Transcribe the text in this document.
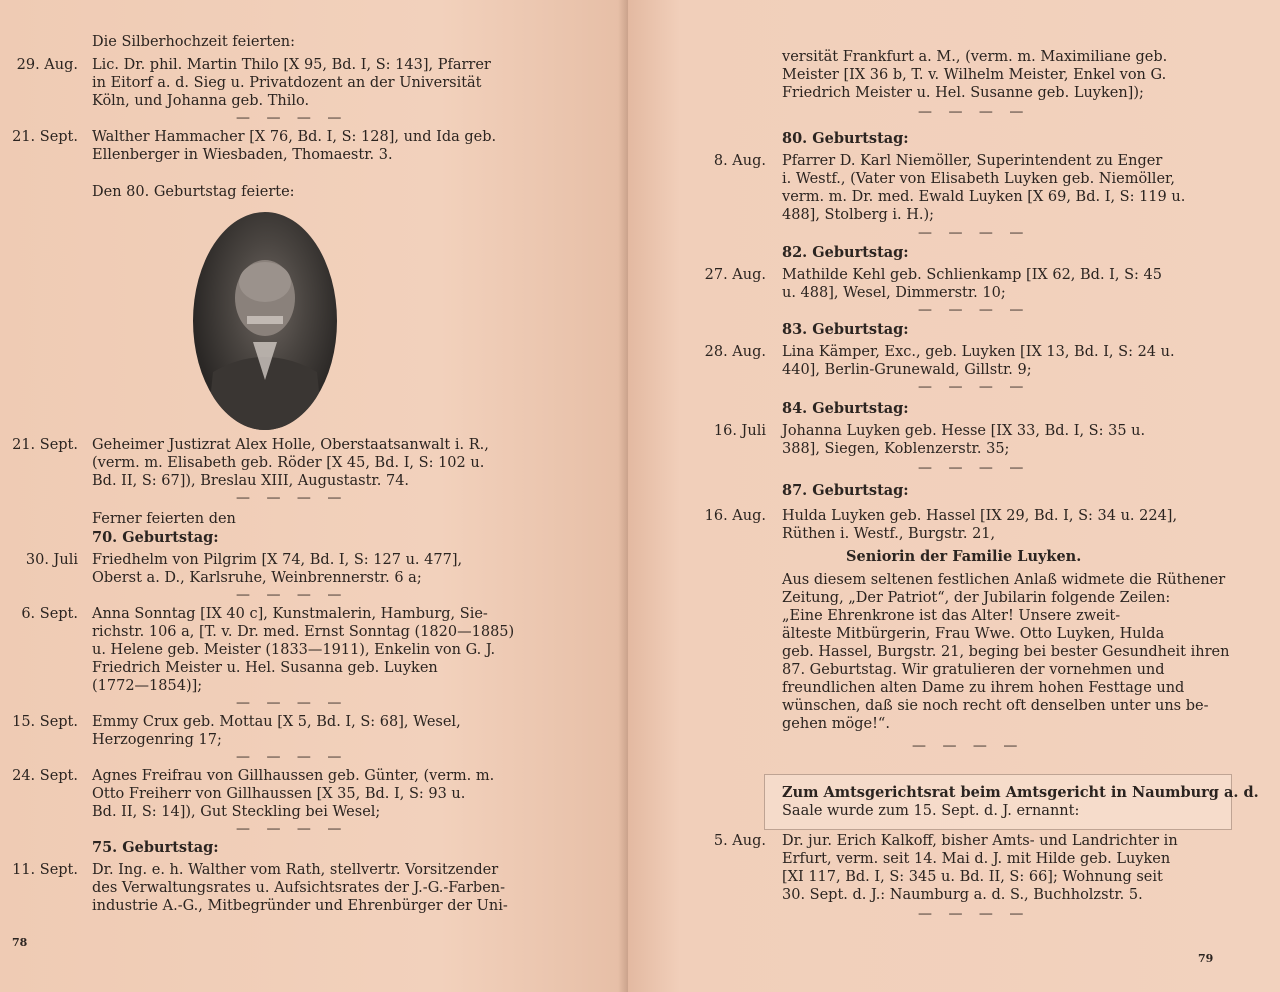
Die Silberhochzeit feierten:
29. Aug. Lic. Dr. phil. Martin Thilo [X 95, Bd. I, S: 143], Pfarrer
in Eitorf a. d. Sieg u. Privatdozent an der Universität
Köln, und Johanna geb. Thilo.
— — — —
21. Sept. Walther Hammacher [X 76, Bd. I, S: 128], und Ida geb.
Ellenberger in Wiesbaden, Thomaestr. 3.
Den 80. Geburtstag feierte:
21. Sept. Geheimer Justizrat Alex Holle, Oberstaatsanwalt i. R.,
(verm. m. Elisabeth geb. Röder [X 45, Bd. I, S: 102 u.
Bd. II, S: 67]), Breslau XIII, Augustastr. 74.
— — — —
Ferner feierten den
70. Geburtstag:
30. Juli Friedhelm von Pilgrim [X 74, Bd. I, S: 127 u. 477],
Oberst a. D., Karlsruhe, Weinbrennerstr. 6 a;
— — — —
6. Sept. Anna Sonntag [IX 40 c], Kunstmalerin, Hamburg, Sie-
richstr. 106 a, [T. v. Dr. med. Ernst Sonntag (1820—1885)
u. Helene geb. Meister (1833—1911), Enkelin von G. J.
Friedrich Meister u. Hel. Susanna geb. Luyken
(1772—1854)];
— — — —
15. Sept. Emmy Crux geb. Mottau [X 5, Bd. I, S: 68], Wesel,
Herzogenring 17;
— — — —
24. Sept. Agnes Freifrau von Gillhaussen geb. Günter, (verm. m.
Otto Freiherr von Gillhaussen [X 35, Bd. I, S: 93 u.
Bd. II, S: 14]), Gut Steckling bei Wesel;
— — — —
75. Geburtstag:
11. Sept. Dr. Ing. e. h. Walther vom Rath, stellvertr. Vorsitzender
des Verwaltungsrates u. Aufsichtsrates der J.-G.-Farben-
industrie A.-G., Mitbegründer und Ehrenbürger der Uni-
78
versität Frankfurt a. M., (verm. m. Maximiliane geb.
Meister [IX 36 b, T. v. Wilhelm Meister, Enkel von G.
Friedrich Meister u. Hel. Susanne geb. Luyken]);
— — — —
80. Geburtstag:
8. Aug. Pfarrer D. Karl Niemöller, Superintendent zu Enger
i. Westf., (Vater von Elisabeth Luyken geb. Niemöller,
verm. m. Dr. med. Ewald Luyken [X 69, Bd. I, S: 119 u.
488], Stolberg i. H.);
— — — —
82. Geburtstag:
27. Aug. Mathilde Kehl geb. Schlienkamp [IX 62, Bd. I, S: 45
u. 488], Wesel, Dimmerstr. 10;
— — — —
83. Geburtstag:
28. Aug. Lina Kämper, Exc., geb. Luyken [IX 13, Bd. I, S: 24 u.
440], Berlin-Grunewald, Gillstr. 9;
— — — —
84. Geburtstag:
16. Juli Johanna Luyken geb. Hesse [IX 33, Bd. I, S: 35 u.
388], Siegen, Koblenzerstr. 35;
— — — —
87. Geburtstag:
16. Aug. Hulda Luyken geb. Hassel [IX 29, Bd. I, S: 34 u. 224],
Rüthen i. Westf., Burgstr. 21,
Seniorin der Familie Luyken.
Aus diesem seltenen festlichen Anlaß widmete die Rüthener
Zeitung, „Der Patriot“, der Jubilarin folgende Zeilen:
„Eine Ehrenkrone ist das Alter! Unsere zweit-
älteste Mitbürgerin, Frau Wwe. Otto Luyken, Hulda
geb. Hassel, Burgstr. 21, beging bei bester Gesundheit ihren
87. Geburtstag. Wir gratulieren der vornehmen und
freundlichen alten Dame zu ihrem hohen Festtage und
wünschen, daß sie noch recht oft denselben unter uns be-
gehen möge!“.
— — — —
Zum Amtsgerichtsrat beim Amtsgericht in Naumburg a. d.
Saale wurde zum 15. Sept. d. J. ernannt:
5. Aug. Dr. jur. Erich Kalkoff, bisher Amts- und Landrichter in
Erfurt, verm. seit 14. Mai d. J. mit Hilde geb. Luyken
[XI 117, Bd. I, S: 345 u. Bd. II, S: 66]; Wohnung seit
30. Sept. d. J.: Naumburg a. d. S., Buchholzstr. 5.
— — — —
79
